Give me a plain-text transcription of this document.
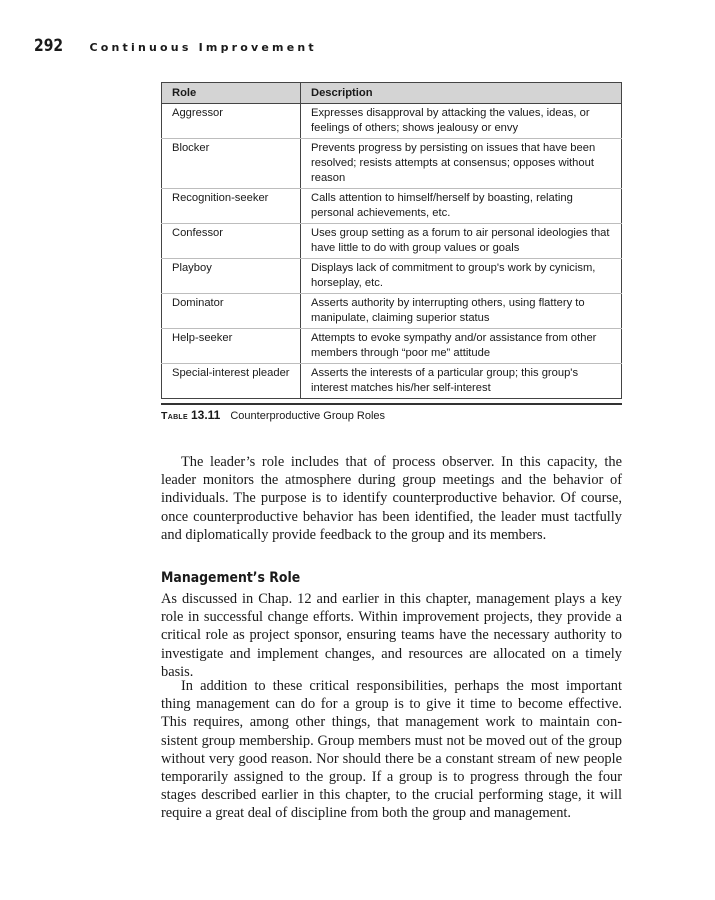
292 Continuous Improvement
Role	Description
Aggressor	Expresses disapproval by attacking the values, ideas, or feelings of others; shows jealousy or envy
Blocker	Prevents progress by persisting on issues that have been resolved; resists attempts at consensus; opposes without reason
Recognition-seeker	Calls attention to himself/herself by boasting, relating personal achievements, etc.
Confessor	Uses group setting as a forum to air personal ideologies that have little to do with group values or goals
Playboy	Displays lack of commitment to group's work by cynicism, horseplay, etc.
Dominator	Asserts authority by interrupting others, using flattery to manipulate, claiming superior status
Help-seeker	Attempts to evoke sympathy and/or assistance from other members through “poor me” attitude
Special-interest pleader	Asserts the interests of a particular group; this group's interest matches his/her self-interest
Table 13.11 Counterproductive Group Roles

The leader’s role includes that of process observer. In this capacity, the leader monitors the atmosphere during group meetings and the behavior of individuals. The purpose is to identify counterproductive behavior. Of course, once counterproductive behavior has been identified, the leader must tactfully and diplomatically provide feedback to the group and its members.

Management’s Role

As discussed in Chap. 12 and earlier in this chapter, management plays a key role in successful change efforts. Within improvement projects, they provide a critical role as project sponsor, ensuring teams have the necessary authority to investigate and implement changes, and resources are allocated on a timely basis.

In addition to these critical responsibilities, perhaps the most important thing management can do for a group is to give it time to become effective. This requires, among other things, that management work to maintain consistent group membership. Group members must not be moved out of the group without very good reason. Nor should there be a constant stream of new people temporarily assigned to the group. If a group is to progress through the four stages described earlier in this chapter, to the crucial performing stage, it will require a great deal of discipline from both the group and management.
